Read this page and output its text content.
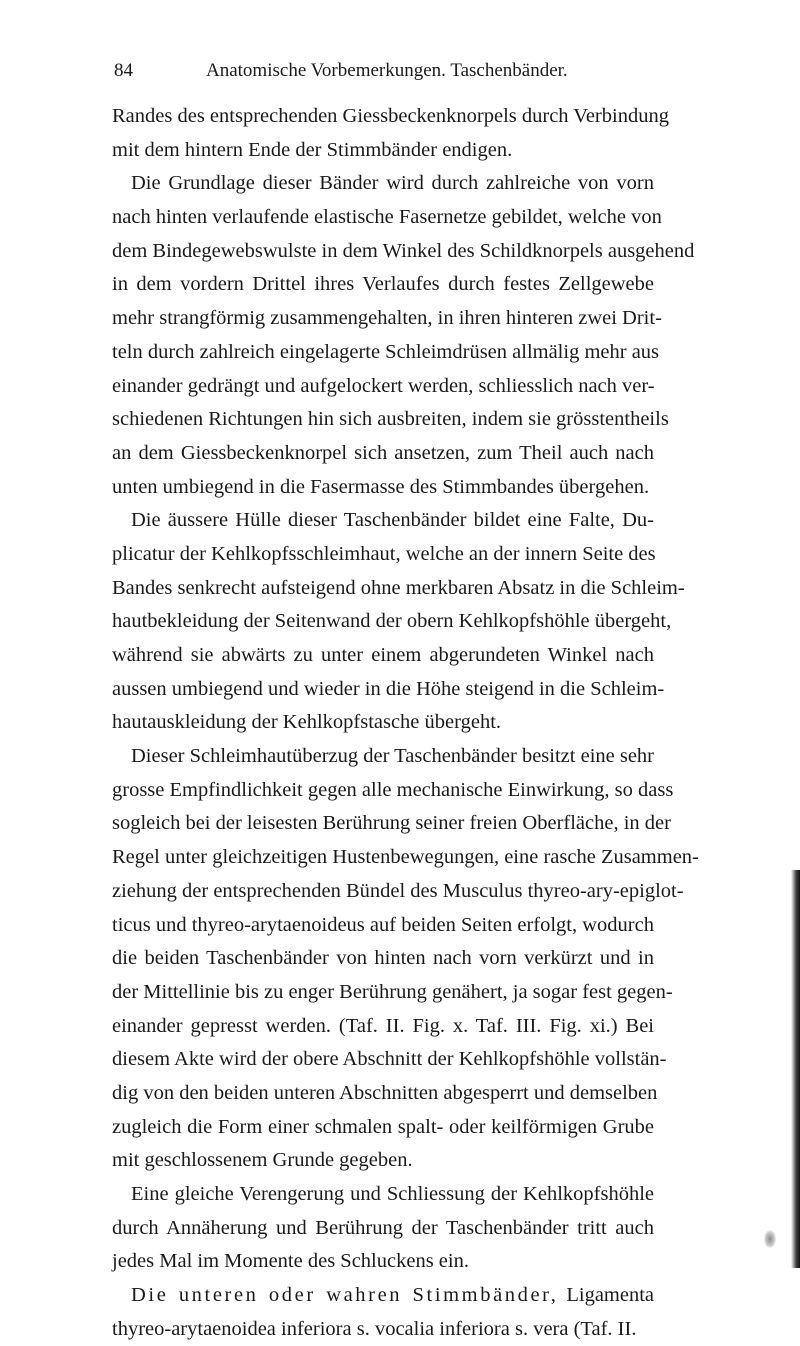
84	Anatomische Vorbemerkungen. Taschenbänder.
Randes des entsprechenden Giessbeckenknorpels durch Verbindung
mit dem hintern Ende der Stimmbänder endigen.
Die Grundlage dieser Bänder wird durch zahlreiche von vorn
nach hinten verlaufende elastische Fasernetze gebildet, welche von
dem Bindegewebswulste in dem Winkel des Schildknorpels ausgehend
in dem vordern Drittel ihres Verlaufes durch festes Zellgewebe
mehr strangförmig zusammengehalten, in ihren hinteren zwei Drit-
teln durch zahlreich eingelagerte Schleimdrüsen allmälig mehr aus
einander gedrängt und aufgelockert werden, schliesslich nach ver-
schiedenen Richtungen hin sich ausbreiten, indem sie grösstentheils
an dem Giessbeckenknorpel sich ansetzen, zum Theil auch nach
unten umbiegend in die Fasermasse des Stimmbandes übergehen.
Die äussere Hülle dieser Taschenbänder bildet eine Falte, Du-
plicatur der Kehlkopfsschleimhaut, welche an der innern Seite des
Bandes senkrecht aufsteigend ohne merkbaren Absatz in die Schleim-
hautbekleidung der Seitenwand der obern Kehlkopfshöhle übergeht,
während sie abwärts zu unter einem abgerundeten Winkel nach
aussen umbiegend und wieder in die Höhe steigend in die Schleim-
hautauskleidung der Kehlkopfstasche übergeht.
Dieser Schleimhautüberzug der Taschenbänder besitzt eine sehr
grosse Empfindlichkeit gegen alle mechanische Einwirkung, so dass
sogleich bei der leisesten Berührung seiner freien Oberfläche, in der
Regel unter gleichzeitigen Hustenbewegungen, eine rasche Zusammen-
ziehung der entsprechenden Bündel des Musculus thyreo-ary-epiglot-
ticus und thyreo-arytaenoideus auf beiden Seiten erfolgt, wodurch
die beiden Taschenbänder von hinten nach vorn verkürzt und in
der Mittellinie bis zu enger Berührung genähert, ja sogar fest gegen-
einander gepresst werden. (Taf. II. Fig. x. Taf. III. Fig. xi.) Bei
diesem Akte wird der obere Abschnitt der Kehlkopfshöhle vollstän-
dig von den beiden unteren Abschnitten abgesperrt und demselben
zugleich die Form einer schmalen spalt- oder keilförmigen Grube
mit geschlossenem Grunde gegeben.
Eine gleiche Verengerung und Schliessung der Kehlkopfshöhle
durch Annäherung und Berührung der Taschenbänder tritt auch
jedes Mal im Momente des Schluckens ein.
Die unteren oder wahren Stimmbänder, Ligamenta
thyreo-arytaenoidea inferiora s. vocalia inferiora s. vera (Taf. II.
